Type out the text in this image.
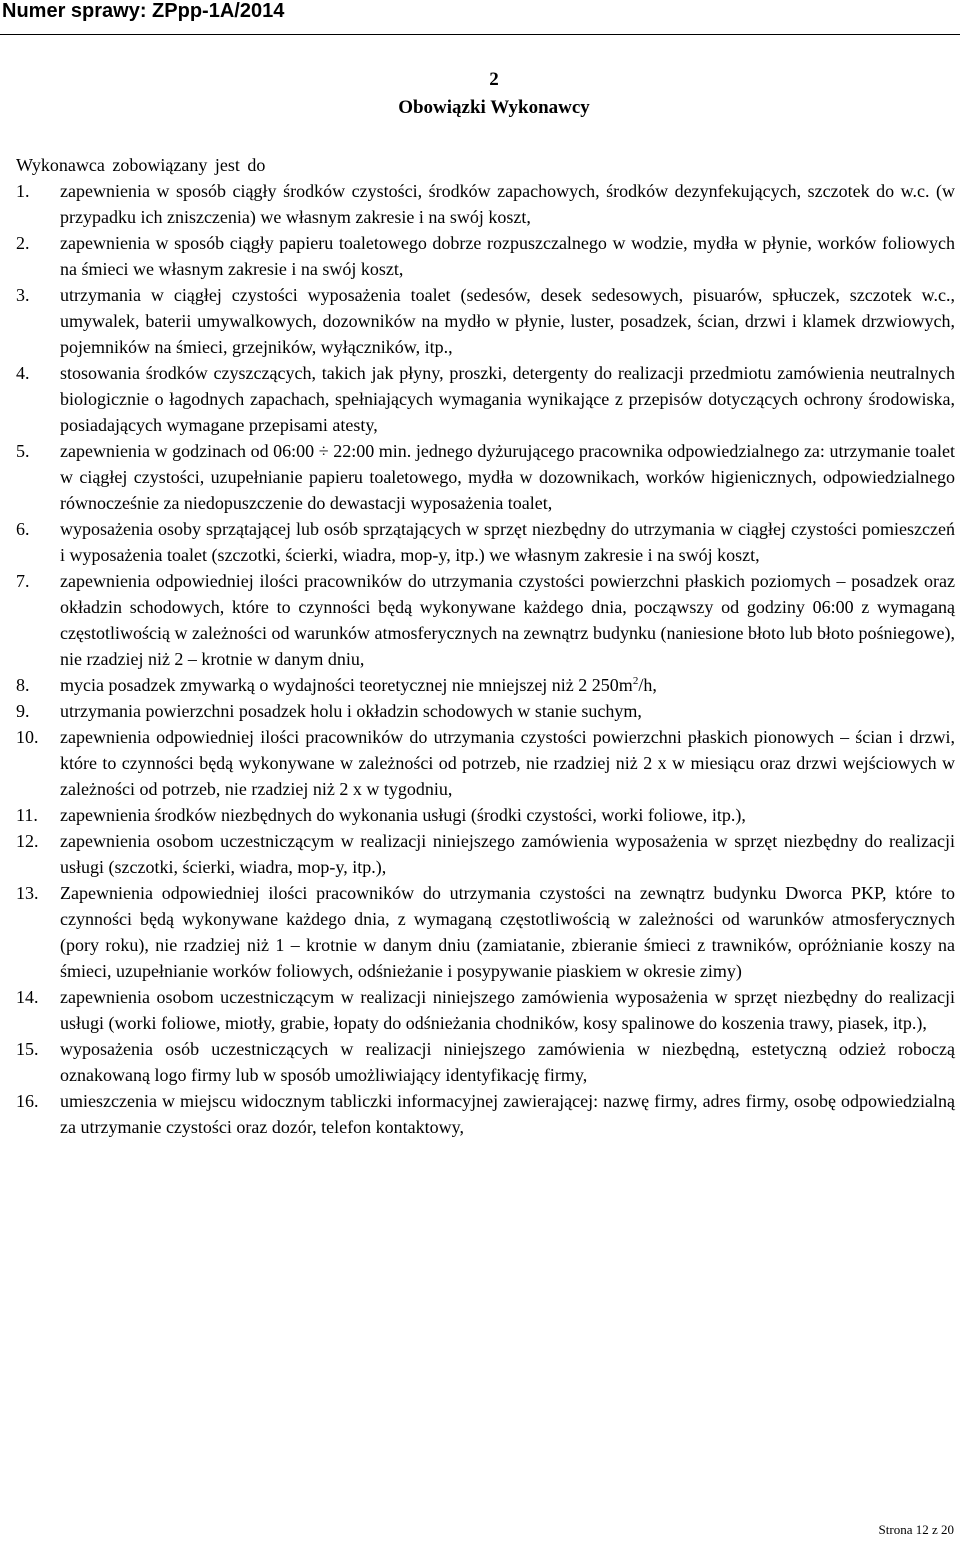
Numer sprawy: ZPpp-1A/2014
2
Obowiązki Wykonawcy

Wykonawca zobowiązany jest do

1. zapewnienia w sposób ciągły środków czystości, środków zapachowych, środków dezynfekujących, szczotek do w.c. (w przypadku ich zniszczenia) we własnym zakresie i na swój koszt,
2. zapewnienia w sposób ciągły papieru toaletowego dobrze rozpuszczalnego w wodzie, mydła w płynie, worków foliowych na śmieci we własnym zakresie i na swój koszt,
3. utrzymania w ciągłej czystości wyposażenia toalet (sedesów, desek sedesowych, pisuarów, spłuczek, szczotek w.c., umywalek, baterii umywalkowych, dozowników na mydło w płynie, luster, posadzek, ścian, drzwi i klamek drzwiowych, pojemników na śmieci, grzejników, wyłączników, itp.,
4. stosowania środków czyszczących, takich jak płyny, proszki, detergenty do realizacji przedmiotu zamówienia neutralnych biologicznie o łagodnych zapachach, spełniających wymagania wynikające z przepisów dotyczących ochrony środowiska, posiadających wymagane przepisami atesty,
5. zapewnienia w godzinach od 06:00 ÷ 22:00 min. jednego dyżurującego pracownika odpowiedzialnego za: utrzymanie toalet w ciągłej czystości, uzupełnianie papieru toaletowego, mydła w dozownikach, worków higienicznych, odpowiedzialnego równocześnie za niedopuszczenie do dewastacji wyposażenia toalet,
6. wyposażenia osoby sprzątającej lub osób sprzątających w sprzęt niezbędny do utrzymania w ciągłej czystości pomieszczeń i wyposażenia toalet (szczotki, ścierki, wiadra, mop-y, itp.) we własnym zakresie i na swój koszt,
7. zapewnienia odpowiedniej ilości pracowników do utrzymania czystości powierzchni płaskich poziomych – posadzek oraz okładzin schodowych, które to czynności będą wykonywane każdego dnia, począwszy od godziny 06:00 z wymaganą częstotliwością w zależności od warunków atmosferycznych na zewnątrz budynku (naniesione błoto lub błoto pośniegowe), nie rzadziej niż 2 – krotnie w danym dniu,
8. mycia posadzek zmywarką o wydajności teoretycznej nie mniejszej niż 2 $250m^2/h$,
9. utrzymania powierzchni posadzek holu i okładzin schodowych w stanie suchym,
10. zapewnienia odpowiedniej ilości pracowników do utrzymania czystości powierzchni płaskich pionowych – ścian i drzwi, które to czynności będą wykonywane w zależności od potrzeb, nie rzadziej niż 2 x w miesiącu oraz drzwi wejściowych w zależności od potrzeb, nie rzadziej niż 2 x w tygodniu,
11. zapewnienia środków niezbędnych do wykonania usługi (środki czystości, worki foliowe, itp.),
12. zapewnienia osobom uczestniczącym w realizacji niniejszego zamówienia wyposażenia w sprzęt niezbędny do realizacji usługi (szczotki, ścierki, wiadra, mop-y, itp.),
13. Zapewnienia odpowiedniej ilości pracowników do utrzymania czystości na zewnątrz budynku Dworca PKP, które to czynności będą wykonywane każdego dnia, z wymaganą częstotliwością w zależności od warunków atmosferycznych (pory roku), nie rzadziej niż 1 – krotnie w danym dniu (zamiatanie, zbieranie śmieci z trawników, opróżnianie koszy na śmieci, uzupełnianie worków foliowych, odśnieżanie i posypywanie piaskiem w okresie zimy)
14. zapewnienia osobom uczestniczącym w realizacji niniejszego zamówienia wyposażenia w sprzęt niezbędny do realizacji usługi (worki foliowe, miotły, grabie, łopaty do odśnieżania chodników, kosy spalinowe do koszenia trawy, piasek, itp.),
15. wyposażenia osób uczestniczących w realizacji niniejszego zamówienia w niezbędną, estetyczną odzież roboczą oznakowaną logo firmy lub w sposób umożliwiający identyfikację firmy,
16. umieszczenia w miejscu widocznym tabliczki informacyjnej zawierającej: nazwę firmy, adres firmy, osobę odpowiedzialną za utrzymanie czystości oraz dozór, telefon kontaktowy,
Strona 12 z 20
